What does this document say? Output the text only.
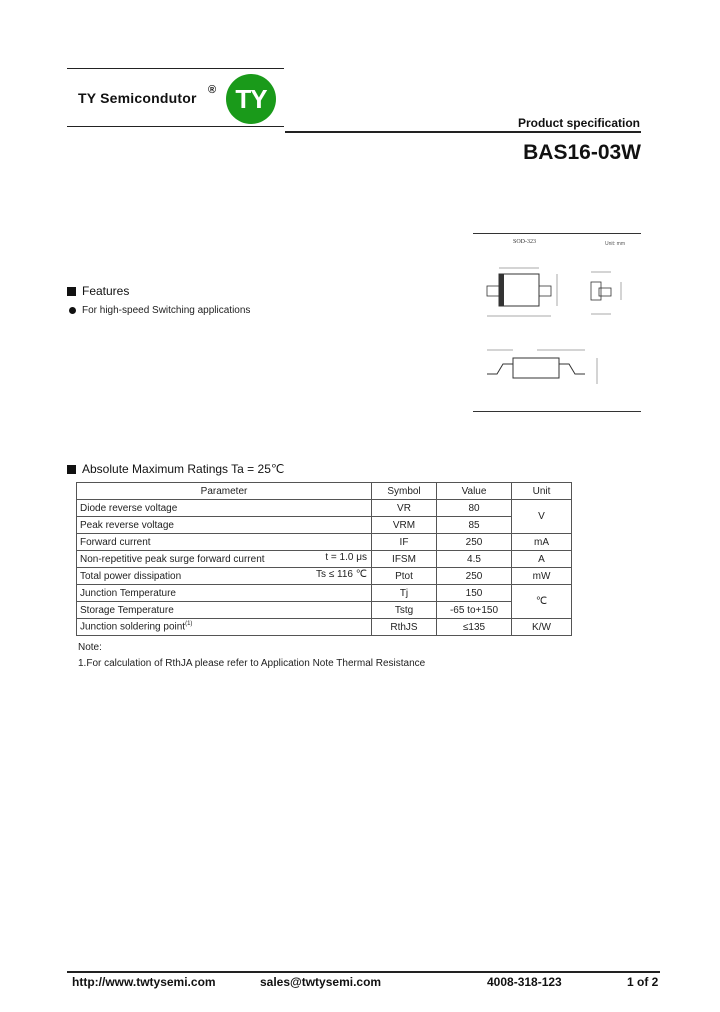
TY Semicondutor ® TY
Product specification
BAS16-03W
SOD-323	Unit: mm
Features
For high-speed Switching applications
Absolute Maximum Ratings Ta = 25℃
Parameter	Symbol	Value	Unit
Diode reverse voltage	VR	80	V
Peak reverse voltage	VRM	85	
Forward current	IF	250	mA
Non-repetitive peak surge forward current t = 1.0 μs	IFSM	4.5	A
Total power dissipation Ts ≤ 116 ℃	Ptot	250	mW
Junction Temperature	Tj	150	℃
Storage Temperature	Tstg	-65 to+150	
Junction soldering point$^{(1)}$	RthJS	≤135	K/W
Note:
1.For calculation of RthJA please refer to Application Note Thermal Resistance
http://www.twtysemi.com	sales@twtysemi.com	4008-318-123	1 of 2
